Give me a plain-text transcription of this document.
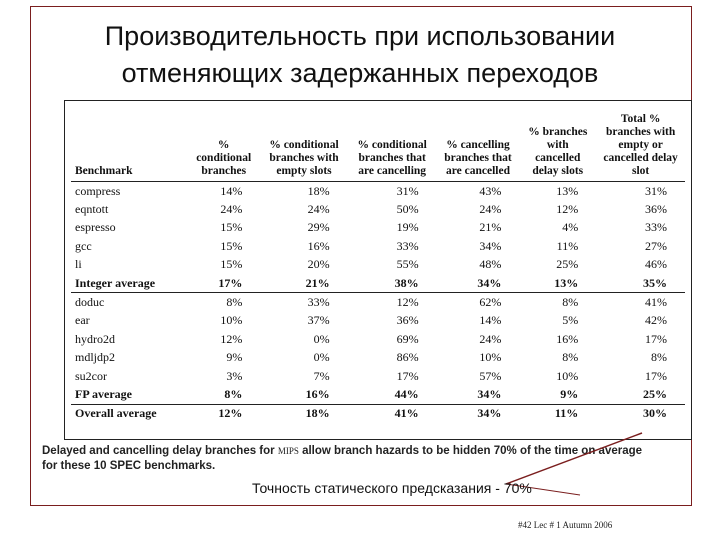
Производительность при использовании
отменяющих задержанных переходов
Benchmark	% conditional branches	% conditional branches with empty slots	% conditional branches that are cancelling	% cancelling branches that are cancelled	% branches with cancelled delay slots	Total % branches with empty or cancelled delay slot
compress	14%	18%	31%	43%	13%	31%
eqntott	24%	24%	50%	24%	12%	36%
espresso	15%	29%	19%	21%	4%	33%
gcc	15%	16%	33%	34%	11%	27%
li	15%	20%	55%	48%	25%	46%
Integer average	17%	21%	38%	34%	13%	35%
doduc	8%	33%	12%	62%	8%	41%
ear	10%	37%	36%	14%	5%	42%
hydro2d	12%	0%	69%	24%	16%	17%
mdljdp2	9%	0%	86%	10%	8%	8%
su2cor	3%	7%	17%	57%	10%	17%
FP average	8%	16%	44%	34%	9%	25%
Overall average	12%	18%	41%	34%	11%	30%
Delayed and cancelling delay branches for MIPS allow branch hazards to be hidden 70% of the time on average
for these 10 SPEC benchmarks.
Точность статического предсказания - 70%
#42 Lec # 1 Autumn 2006
